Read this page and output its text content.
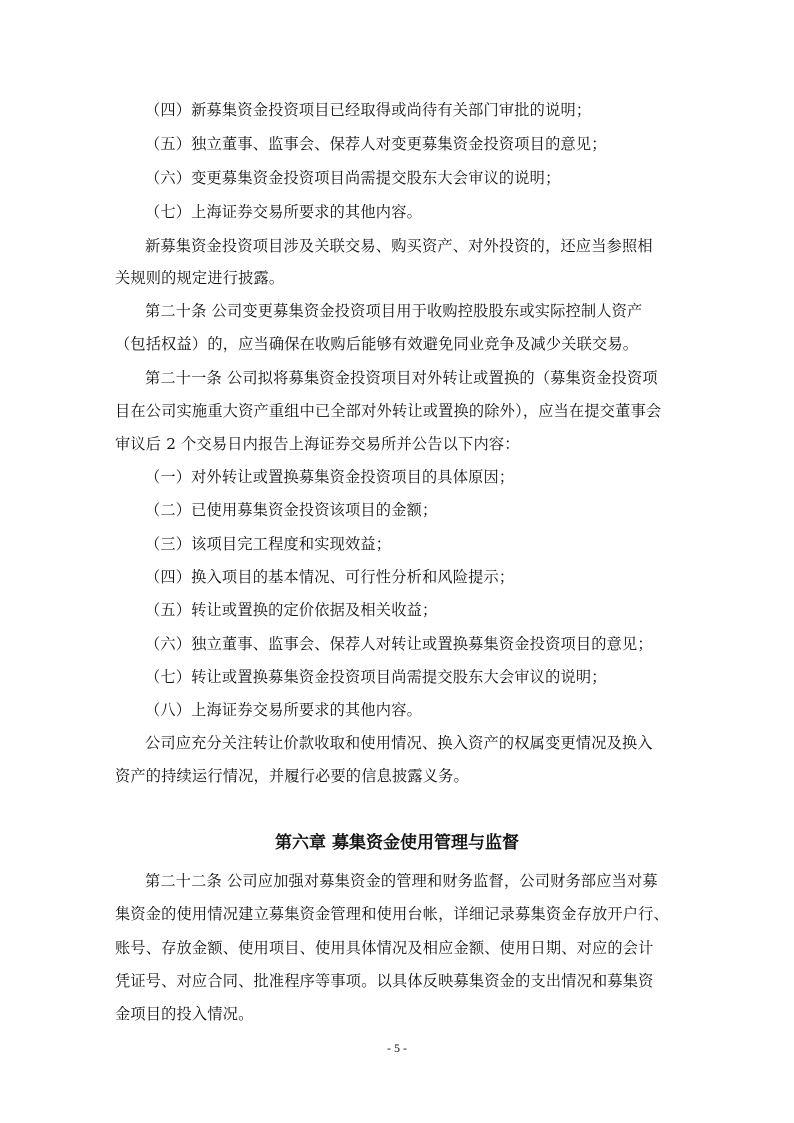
（四）新募集资金投资项目已经取得或尚待有关部门审批的说明；
（五）独立董事、监事会、保荐人对变更募集资金投资项目的意见；
（六）变更募集资金投资项目尚需提交股东大会审议的说明；
（七）上海证券交易所要求的其他内容。
新募集资金投资项目涉及关联交易、购买资产、对外投资的，还应当参照相
关规则的规定进行披露。
第二十条 公司变更募集资金投资项目用于收购控股股东或实际控制人资产
（包括权益）的，应当确保在收购后能够有效避免同业竞争及减少关联交易。
第二十一条 公司拟将募集资金投资项目对外转让或置换的（募集资金投资项
目在公司实施重大资产重组中已全部对外转让或置换的除外），应当在提交董事会
审议后 2 个交易日内报告上海证券交易所并公告以下内容：
（一）对外转让或置换募集资金投资项目的具体原因；
（二）已使用募集资金投资该项目的金额；
（三）该项目完工程度和实现效益；
（四）换入项目的基本情况、可行性分析和风险提示；
（五）转让或置换的定价依据及相关收益；
（六）独立董事、监事会、保荐人对转让或置换募集资金投资项目的意见；
（七）转让或置换募集资金投资项目尚需提交股东大会审议的说明；
（八）上海证券交易所要求的其他内容。
公司应充分关注转让价款收取和使用情况、换入资产的权属变更情况及换入
资产的持续运行情况，并履行必要的信息披露义务。
第六章 募集资金使用管理与监督
第二十二条 公司应加强对募集资金的管理和财务监督，公司财务部应当对募
集资金的使用情况建立募集资金管理和使用台帐，详细记录募集资金存放开户行、
账号、存放金额、使用项目、使用具体情况及相应金额、使用日期、对应的会计
凭证号、对应合同、批准程序等事项。以具体反映募集资金的支出情况和募集资
金项目的投入情况。
- 5 -
